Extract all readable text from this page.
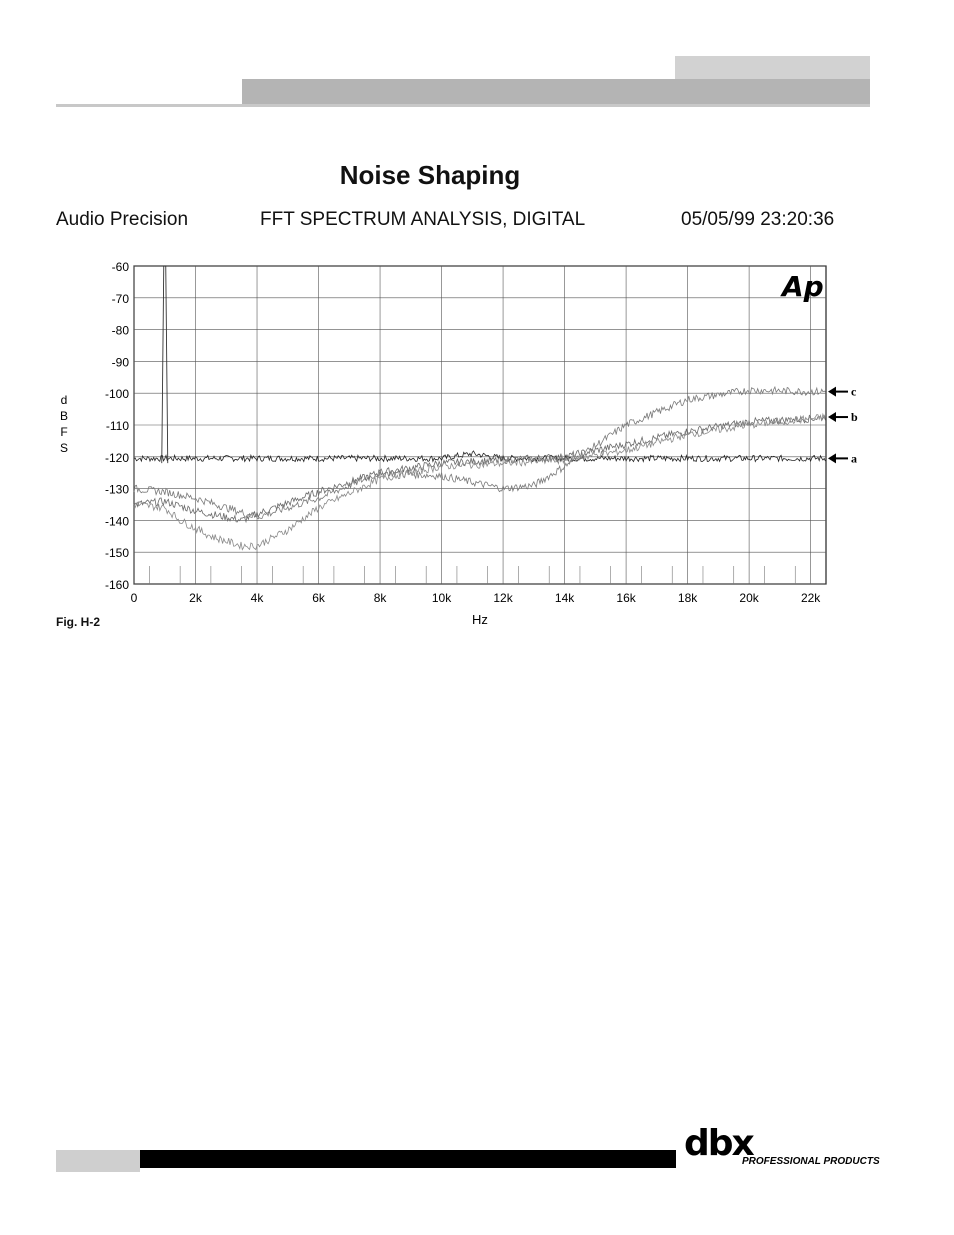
Noise Shaping
Audio Precision	FFT SPECTRUM ANALYSIS, DIGITAL	05/05/99 23:20:36
-60
-70
-80
-90
-100
-110
-120
-130
-140
-150
-160
0	2k	4k	6k	8k	10k	12k	14k	16k	18k	20k	22k
a
b
c
Ap
d
B
F
S
Hz
Fig. H-2
dbx
PROFESSIONAL PRODUCTS
